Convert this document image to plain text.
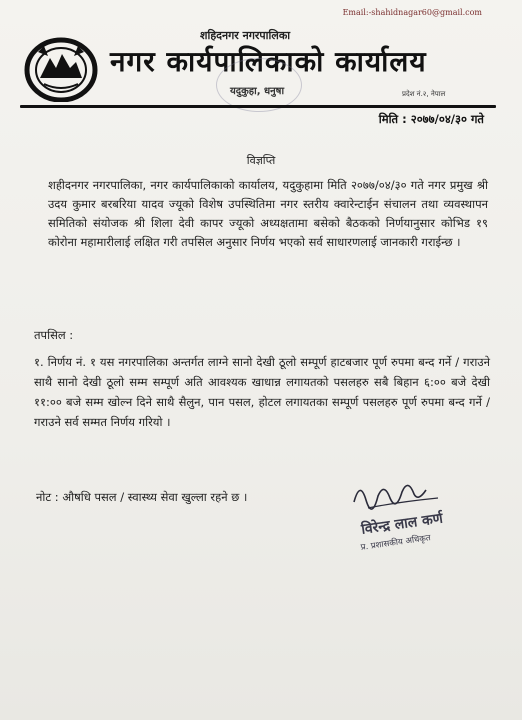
Email:-shahidnagar60@gmail.com
शहिदनगर नगरपालिका
नगर कार्यपालिकाको कार्यालय
यदुकुहा, धनुषा	प्रदेश नं.२, नेपाल
मिति : २०७७/०४/३० गते
विज्ञप्ति
शहीदनगर नगरपालिका, नगर कार्यपालिकाको कार्यालय, यदुकुहामा मिति २०७७/०४/३० गते नगर प्रमुख श्री उदय कुमार बरबरिया यादव ज्यूको विशेष उपस्थितिमा नगर स्तरीय क्वारेन्टाईन संचालन तथा व्यवस्थापन समितिको संयोजक श्री शिला देवी कापर ज्यूको अध्यक्षतामा बसेको बैठकको निर्णयानुसार कोभिड १९ कोरोना महामारीलाई लक्षित गरी तपसिल अनुसार निर्णय भएको सर्व साधारणलाई जानकारी गराईन्छ ।
तपसिल :
१. निर्णय नं. १ यस नगरपालिका अन्तर्गत लाग्ने सानो देखी ठूलो सम्पूर्ण हाटबजार पूर्ण रुपमा बन्द गर्ने / गराउने साथै सानो देखी ठूलो सम्म सम्पूर्ण अति आवश्यक खाधान्न लगायतको पसलहरु सबै बिहान ६:०० बजे देखी ११:०० बजे सम्म खोल्न दिने साथै सैलुन, पान पसल, होटल लगायतका सम्पूर्ण पसलहरु पूर्ण रुपमा बन्द गर्ने / गराउने सर्व सम्मत निर्णय गरियो ।
नोट : औषधि पसल / स्वास्थ्य सेवा खुल्ला रहने छ ।
विरेन्द्र लाल कर्ण
प्र. प्रशासकीय अधिकृत
